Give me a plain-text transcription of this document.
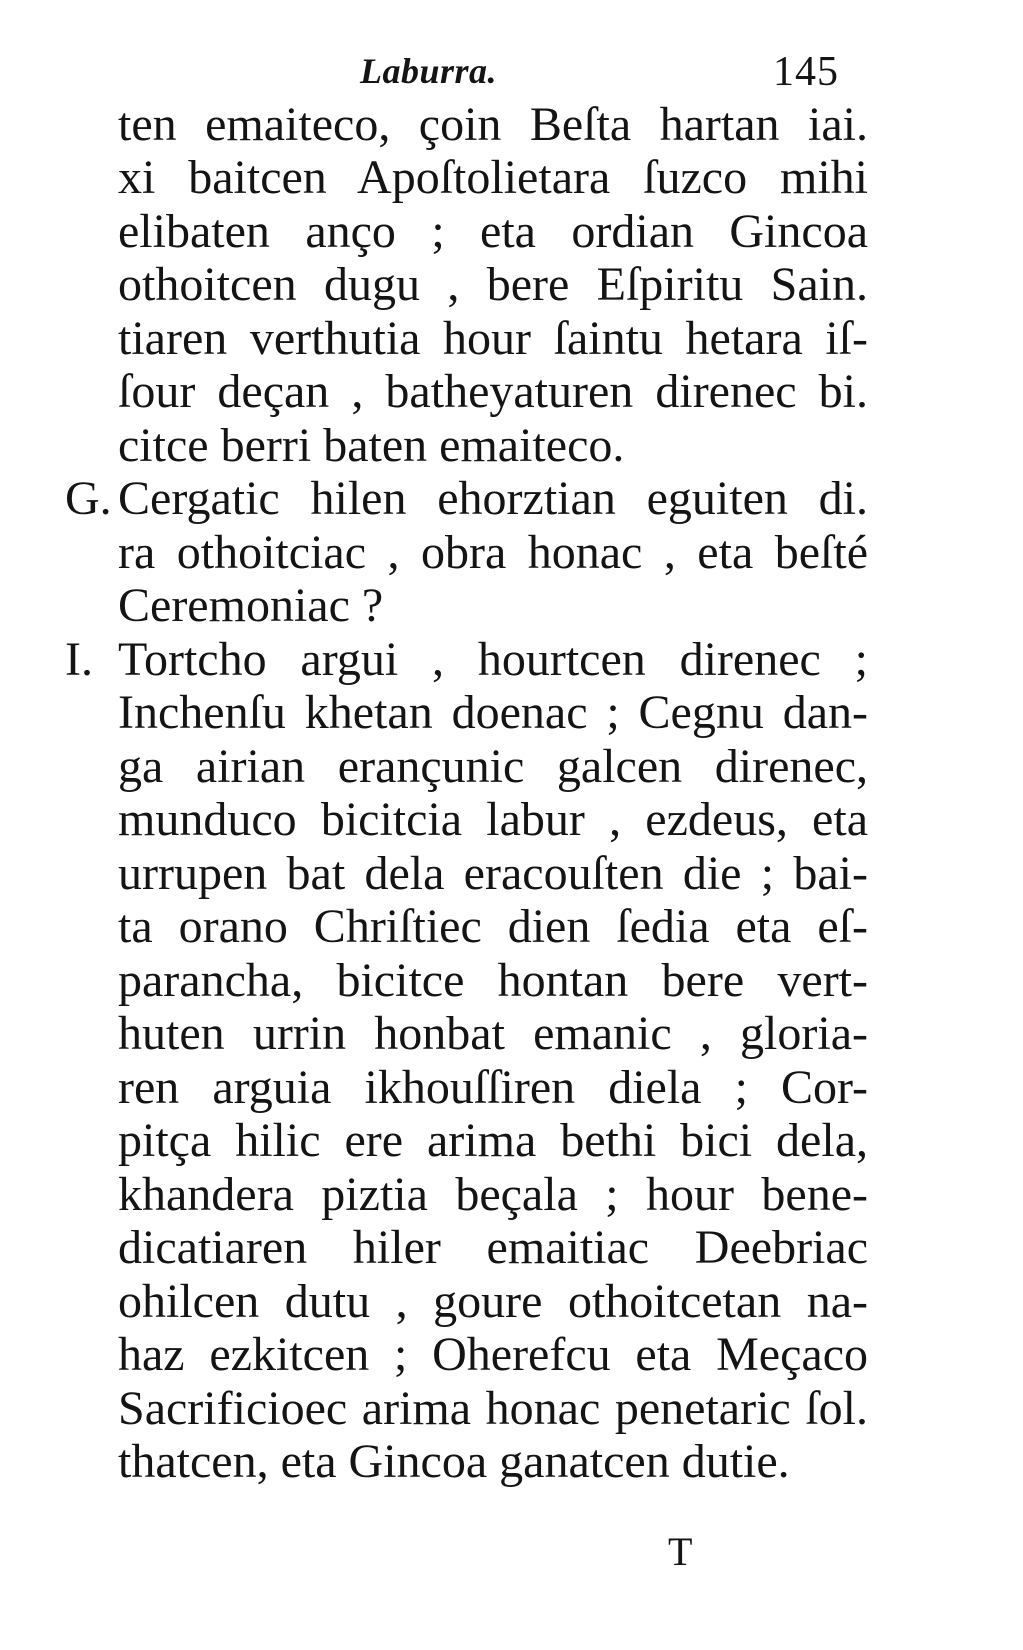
Laburra.	145
ten emaiteco, çoin Beſta hartan iai.
xi baitcen Apoſtolietara ſuzco mihi
elibaten anço ; eta ordian Gincoa
othoitcen dugu , bere Eſpiritu Sain.
tiaren verthutia hour ſaintu hetara iſ-
ſour deçan , batheyaturen direnec bi.
citce berri baten emaiteco.
G. Cergatic hilen ehorztian eguiten di.
ra othoitciac , obra honac , eta beſté
Ceremoniac ?
I. Tortcho argui , hourtcen direnec ;
Inchenſu khetan doenac ; Cegnu dan-
ga airian erançunic galcen direnec,
munduco bicitcia labur , ezdeus, eta
urrupen bat dela eracouſten die ; bai-
ta orano Chriſtiec dien ſedia eta eſ-
parancha, bicitce hontan bere vert-
huten urrin honbat emanic , gloria-
ren arguia ikhouſſiren diela ; Cor-
pitça hilic ere arima bethi bici dela,
khandera piztia beçala ; hour bene-
dicatiaren hiler emaitiac Deebriac
ohilcen dutu , goure othoitcetan na-
haz ezkitcen ; Oherefcu eta Meçaco
Sacrificioec arima honac penetaric ſol.
thatcen, eta Gincoa ganatcen dutie.
T
